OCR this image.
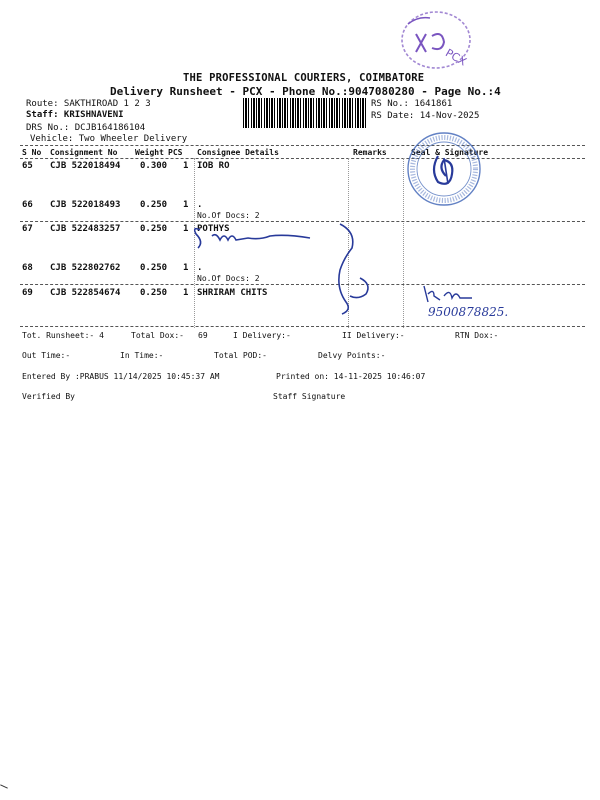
PCX
THE PROFESSIONAL COURIERS, COIMBATORE
Delivery Runsheet - PCX - Phone No.:9047080280 - Page No.:4
Route: SAKTHIROAD 1 2 3
Staff: KRISHNAVENI
DRS No.: DCJB164186104
Vehicle: Two Wheeler Delivery
RS No.: 1641861
RS Date: 14-Nov-2025
S No Consignment No Weight PCS Consignee Details	Remarks	Seal & Signature
65 CJB 522018494 0.300 1 IOB RO
66 CJB 522018493 0.250 1 .
No.Of Docs: 2
67 CJB 522483257 0.250 1 POTHYS
68 CJB 522802762 0.250 1 .
No.Of Docs: 2
69 CJB 522854674 0.250 1 SHRIRAM CHITS
9500878825.
Tot. Runsheet:- 4	Total Dox:- 69	I Delivery:-	II Delivery:-	RTN Dox:-
Out Time:-	In Time:-	Total POD:-	Delvy Points:-
Entered By :PRABUS 11/14/2025 10:45:37 AM	Printed on: 14-11-2025 10:46:07
Verified By	Staff Signature
